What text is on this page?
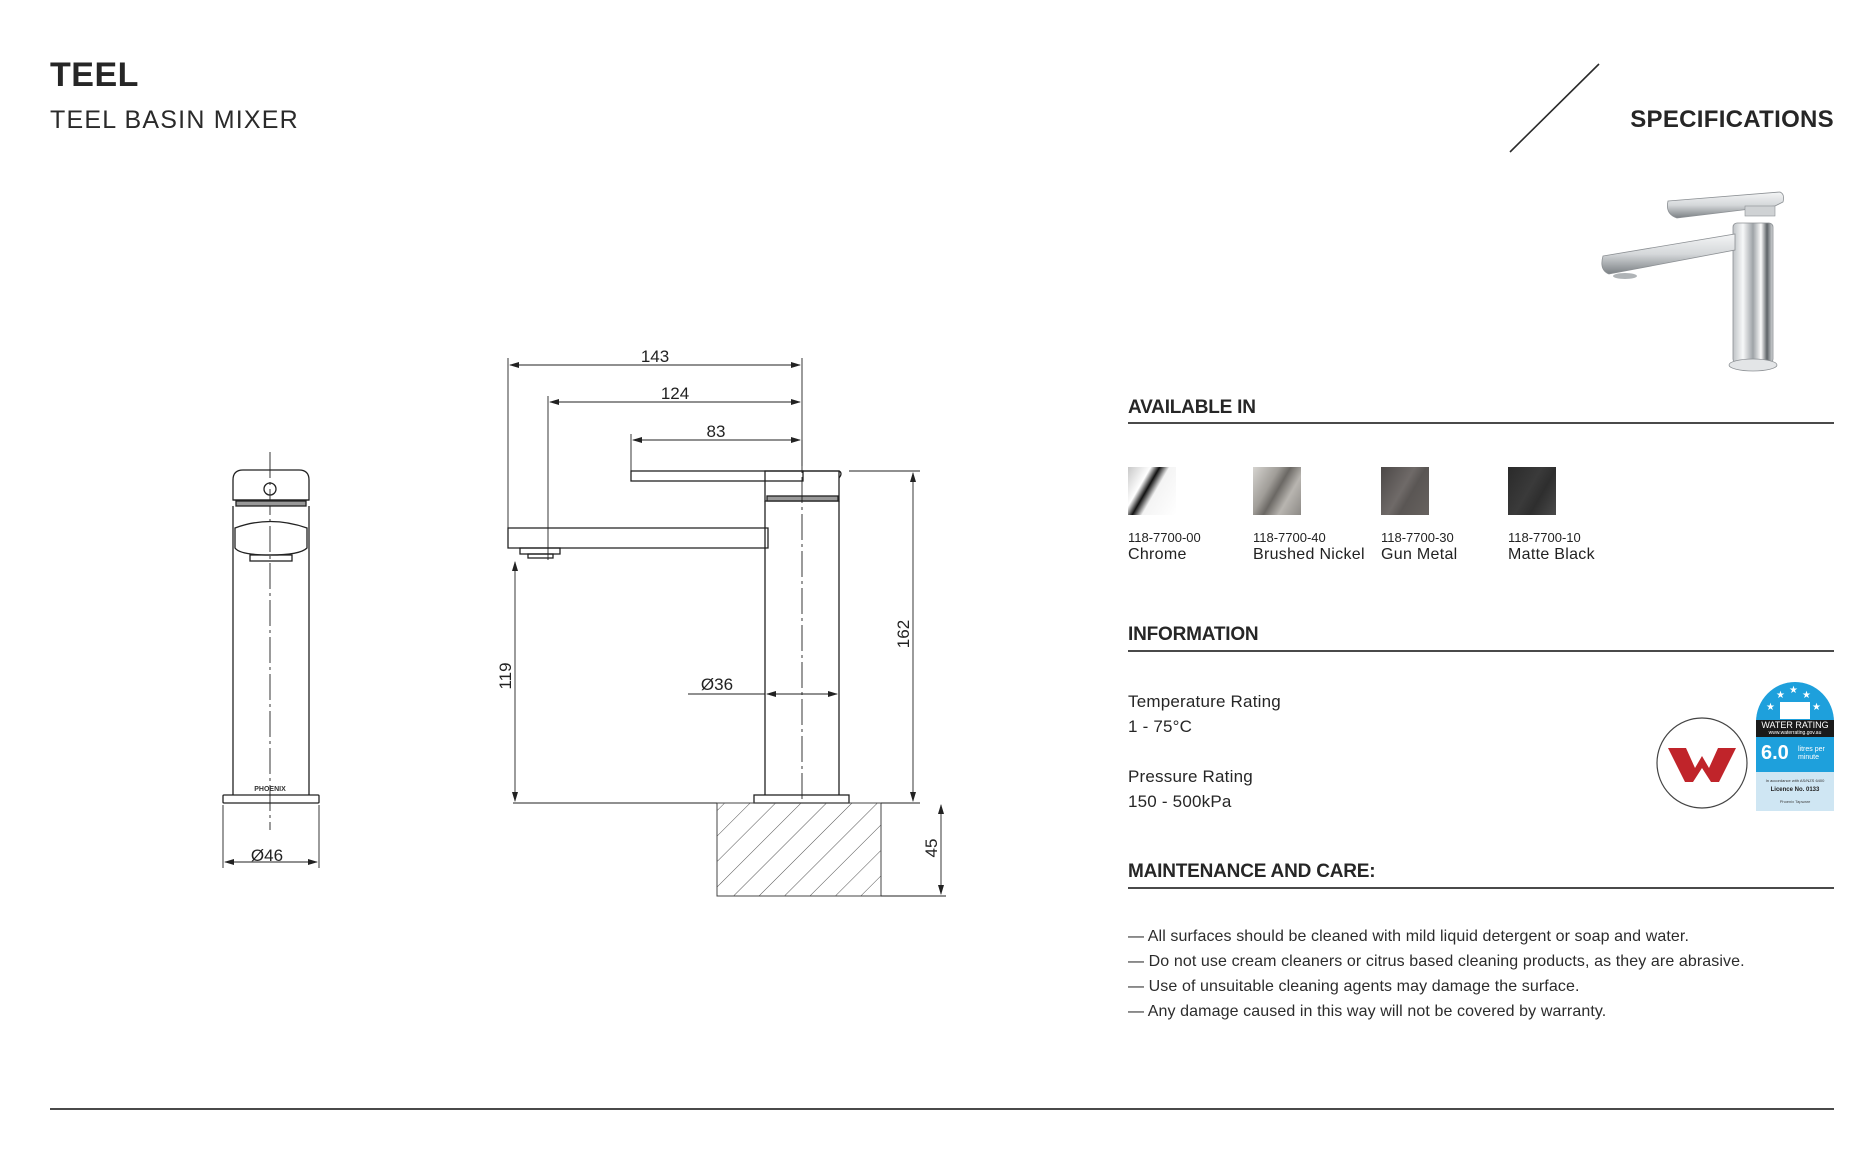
TEEL
TEEL BASIN MIXER	SPECIFICATIONS
PHOENIX
Ø46
143
124
83
119
162
45
Ø36
AVAILABLE IN
118-7700-00
Chrome
118-7700-40
Brushed Nickel
118-7700-30
Gun Metal
118-7700-10
Matte Black
INFORMATION
Temperature Rating
1 - 75°C
Pressure Rating
150 - 500kPa
★
★ ★ ★
★
WATER RATING
www.waterrating.gov.au
6.0 litres per minute
In accordance with AS/NZS 6400
Licence No. 0133
Phoenix Tapware
MAINTENANCE AND CARE:
— All surfaces should be cleaned with mild liquid detergent or soap and water.
— Do not use cream cleaners or citrus based cleaning products, as they are abrasive.
— Use of unsuitable cleaning agents may damage the surface.
— Any damage caused in this way will not be covered by warranty.
